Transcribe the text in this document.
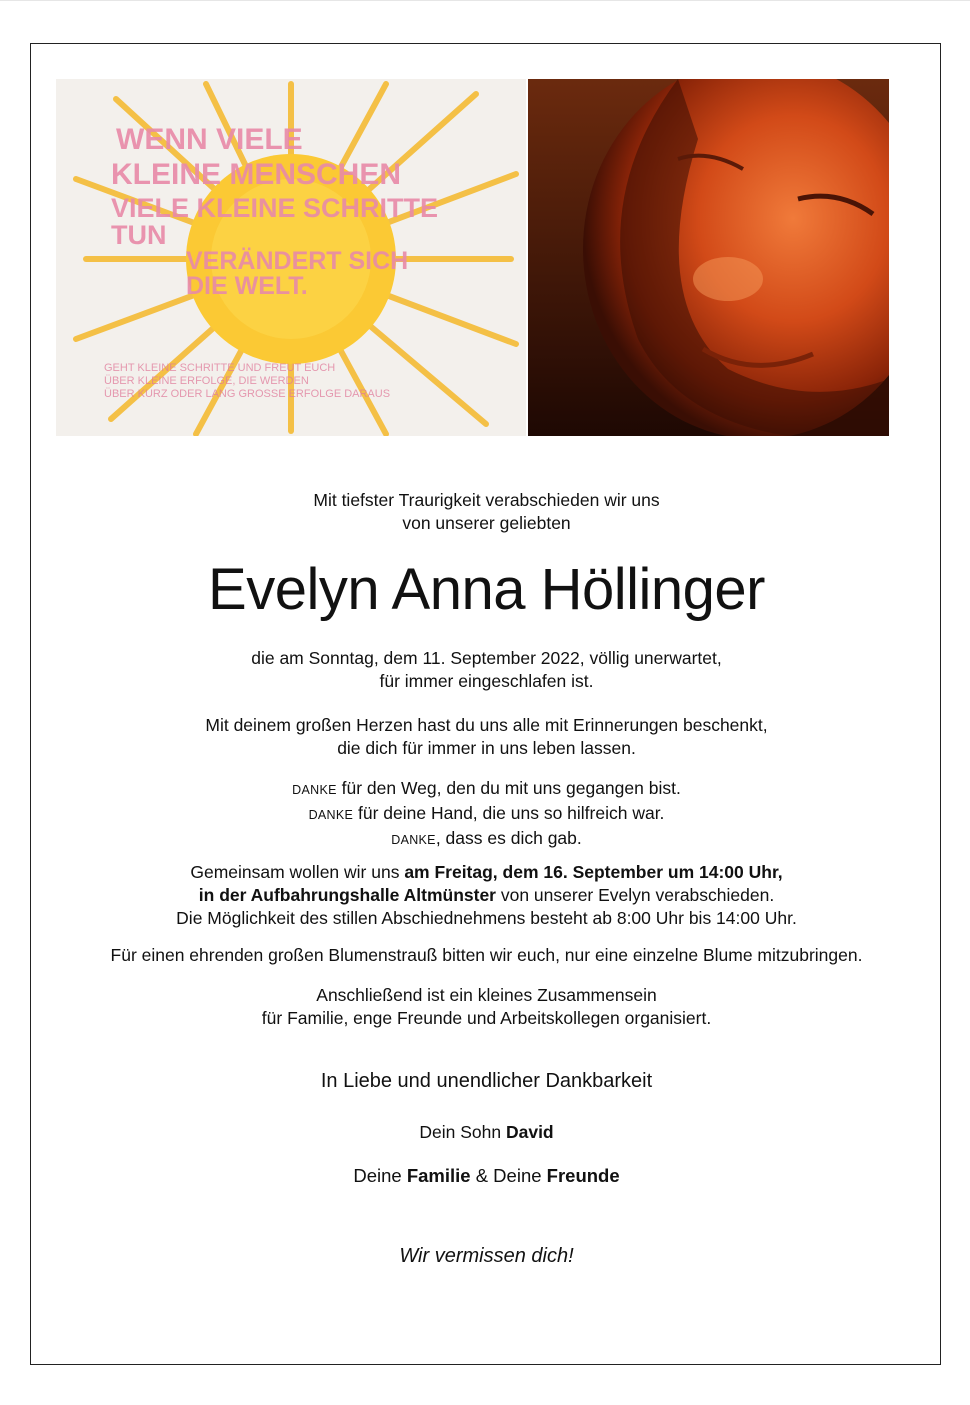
WENN VIELE
KLEINE MENSCHEN
VIELE KLEINE SCHRITTE
TUN
VERÄNDERT SICH
DIE WELT.
GEHT KLEINE SCHRITTE UND FREUT EUCH
ÜBER KLEINE ERFOLGE, DIE WERDEN
ÜBER KURZ ODER LANG GROSSE ERFOLGE DARAUS
Mit tiefster Traurigkeit verabschieden wir uns
von unserer geliebten
Evelyn Anna Höllinger
die am Sonntag, dem 11. September 2022, völlig unerwartet,
für immer eingeschlafen ist.
Mit deinem großen Herzen hast du uns alle mit Erinnerungen beschenkt,
die dich für immer in uns leben lassen.
DANKE für den Weg, den du mit uns gegangen bist.
DANKE für deine Hand, die uns so hilfreich war.
DANKE, dass es dich gab.
Gemeinsam wollen wir uns am Freitag, dem 16. September um 14:00 Uhr,
in der Aufbahrungshalle Altmünster von unserer Evelyn verabschieden.
Die Möglichkeit des stillen Abschiednehmens besteht ab 8:00 Uhr bis 14:00 Uhr.
Für einen ehrenden großen Blumenstrauß bitten wir euch, nur eine einzelne Blume mitzubringen.
Anschließend ist ein kleines Zusammensein
für Familie, enge Freunde und Arbeitskollegen organisiert.
In Liebe und unendlicher Dankbarkeit
Dein Sohn David
Deine Familie & Deine Freunde
Wir vermissen dich!
